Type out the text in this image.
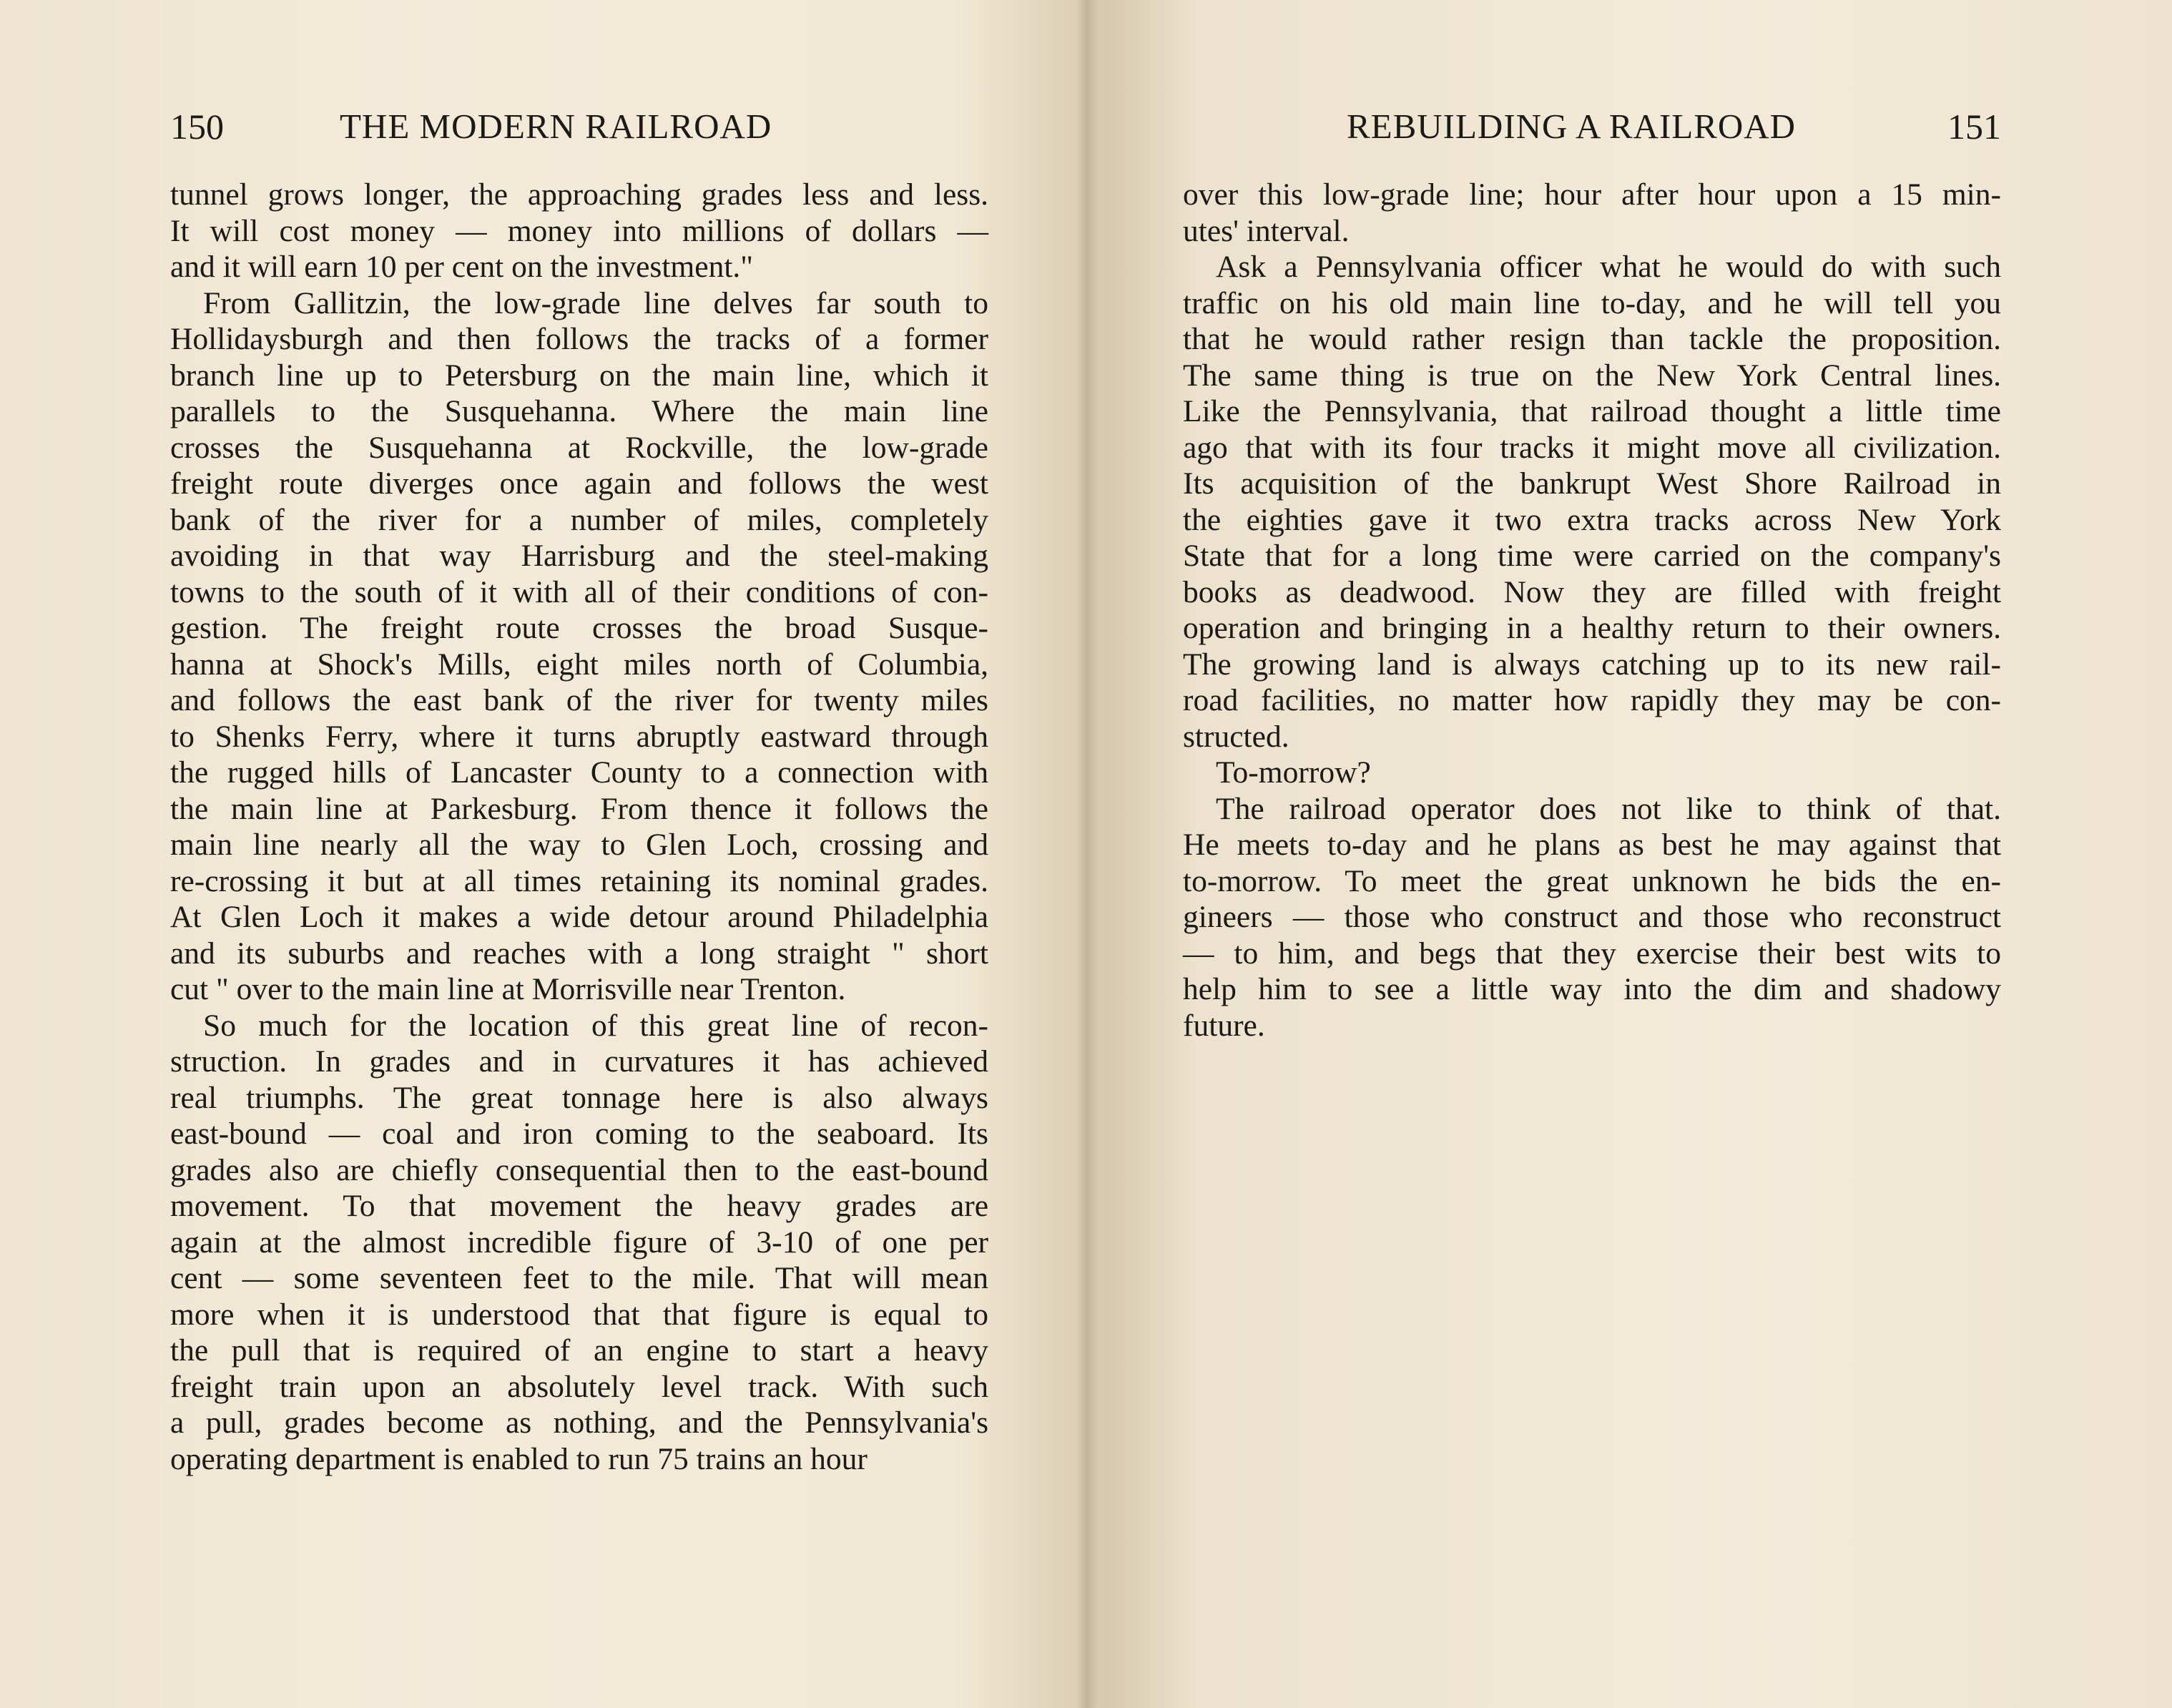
150	THE MODERN RAILROAD
tunnel grows longer, the approaching grades less and less.
It will cost money — money into millions of dollars —
and it will earn 10 per cent on the investment."
From Gallitzin, the low-grade line delves far south to
Hollidaysburgh and then follows the tracks of a former
branch line up to Petersburg on the main line, which it
parallels to the Susquehanna. Where the main line
crosses the Susquehanna at Rockville, the low-grade
freight route diverges once again and follows the west
bank of the river for a number of miles, completely
avoiding in that way Harrisburg and the steel-making
towns to the south of it with all of their conditions of con-
gestion. The freight route crosses the broad Susque-
hanna at Shock's Mills, eight miles north of Columbia,
and follows the east bank of the river for twenty miles
to Shenks Ferry, where it turns abruptly eastward through
the rugged hills of Lancaster County to a connection with
the main line at Parkesburg. From thence it follows the
main line nearly all the way to Glen Loch, crossing and
re-crossing it but at all times retaining its nominal grades.
At Glen Loch it makes a wide detour around Philadelphia
and its suburbs and reaches with a long straight " short
cut " over to the main line at Morrisville near Trenton.
So much for the location of this great line of recon-
struction. In grades and in curvatures it has achieved
real triumphs. The great tonnage here is also always
east-bound — coal and iron coming to the seaboard. Its
grades also are chiefly consequential then to the east-bound
movement. To that movement the heavy grades are
again at the almost incredible figure of 3-10 of one per
cent — some seventeen feet to the mile. That will mean
more when it is understood that that figure is equal to
the pull that is required of an engine to start a heavy
freight train upon an absolutely level track. With such
a pull, grades become as nothing, and the Pennsylvania's
operating department is enabled to run 75 trains an hour
REBUILDING A RAILROAD	151
over this low-grade line; hour after hour upon a 15 min-
utes' interval.
Ask a Pennsylvania officer what he would do with such
traffic on his old main line to-day, and he will tell you
that he would rather resign than tackle the proposition.
The same thing is true on the New York Central lines.
Like the Pennsylvania, that railroad thought a little time
ago that with its four tracks it might move all civilization.
Its acquisition of the bankrupt West Shore Railroad in
the eighties gave it two extra tracks across New York
State that for a long time were carried on the company's
books as deadwood. Now they are filled with freight
operation and bringing in a healthy return to their owners.
The growing land is always catching up to its new rail-
road facilities, no matter how rapidly they may be con-
structed.
To-morrow?
The railroad operator does not like to think of that.
He meets to-day and he plans as best he may against that
to-morrow. To meet the great unknown he bids the en-
gineers — those who construct and those who reconstruct
— to him, and begs that they exercise their best wits to
help him to see a little way into the dim and shadowy
future.
